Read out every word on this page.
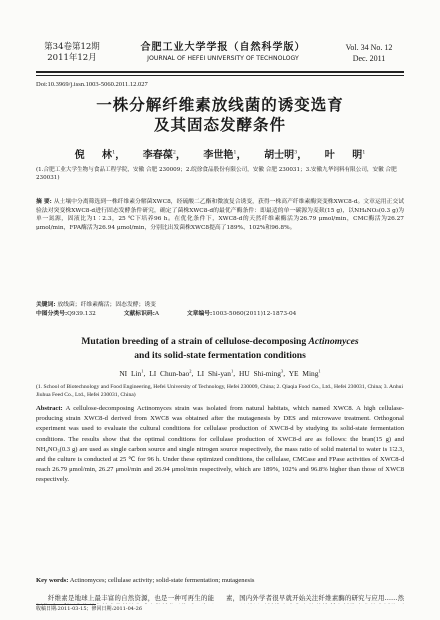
第34卷第12期
2011年12月
合肥工业大学学报（自然科学版）
JOURNAL OF HEFEI UNIVERSITY OF TECHNOLOGY
Vol. 34 No. 12
Dec. 2011
Doi:10.3969/j.issn.1003-5060.2011.12.027
一株分解纤维素放线菌的诱变选育
及其固态发酵条件
倪 林$^1$， 李春葆$^2$， 李世艳$^1$， 胡士明$^3$， 叶 明$^1$
(1.合肥工业大学生物与食品工程学院，安徽 合肥 230009；2.皖徐食品股份有限公司，安徽 合肥 230031；3.安徽九华饲料有限公司，安徽 合肥 230031)
摘 要: 从土壤中分离筛选到一株纤维素分解菌XWC8，经硫酸二乙酯和微波复合诱变，获得一株高产纤维素酶突变株XWC8-d。文章运用正交试验法对突变株XWC8-d进行固态发酵条件研究，确定了菌株XWC8-d的最优产酶条件：即最适的单一碳源为麦麸(15 g)，以NH₄NO₃(0.3 g)为单一氮源，固液比为1∶2.3，25 ℃下培养96 h。在优化条件下，XWC8-d的天然纤维素酶活为26.79 μmol/min，CMC酶活为26.27 μmol/min，FPA酶活为26.94 μmol/min，分别比出发菌株XWC8提高了189%、102%和96.8%。
关键词: 放线菌；纤维素酶活；固态发酵；诱变
中图分类号:Q939.132	文献标识码:A	文章编号:1003-5060(2011)12-1873-04
Mutation breeding of a strain of cellulose-decomposing Actinomyces
and its solid-state fermentation conditions
NI Lin$^1$, LI Chun-bao$^2$, LI Shi-yan$^1$, HU Shi-ming$^3$, YE Ming$^1$
(1. School of Biotechnology and Food Engineering, Hefei University of Technology, Hefei 230009, China; 2. Qiaqia Food Co., Ltd., Hefei 230031, China; 3. Anhui Jiuhua Feed Co., Ltd., Hefei 230031, China)
Abstract: A cellulose-decomposing Actinomyces strain was isolated from natural habitats, which named XWC8. A high cellulase-producing strain XWC8-d derived from XWC8 was obtained after the mutagenesis by DES and microwave treatment. Orthogonal experiment was used to evaluate the cultural conditions for cellulase production of XWC8-d by studying its solid-state fermentation conditions. The results show that the optimal conditions for cellulase production of XWC8-d are as follows: the bran(15 g) and NH₄NO₃(0.3 g) are used as single carbon source and single nitrogen source respectively, the mass ratio of solid material to water is 1∶2.3, and the culture is conducted at 25 ℃ for 96 h. Under these optimized conditions, the cellulase, CMCase and FPase activities of XWC8-d reach 26.79 μmol/min, 26.27 μmol/min and 26.94 μmol/min respectively, which are 189%, 102% and 96.8% higher than those of XWC8 respectively.
Key words: Actinomyces; cellulase activity; solid-state fermentation; mutagenesis
纤维素是地球上最丰富的自然资源，也是一种可再生的能 素，国内外学者很早就开始关注纤维素酶的研究与应用……然
收稿日期:2011-03-15；修回日期:2011-04-26
